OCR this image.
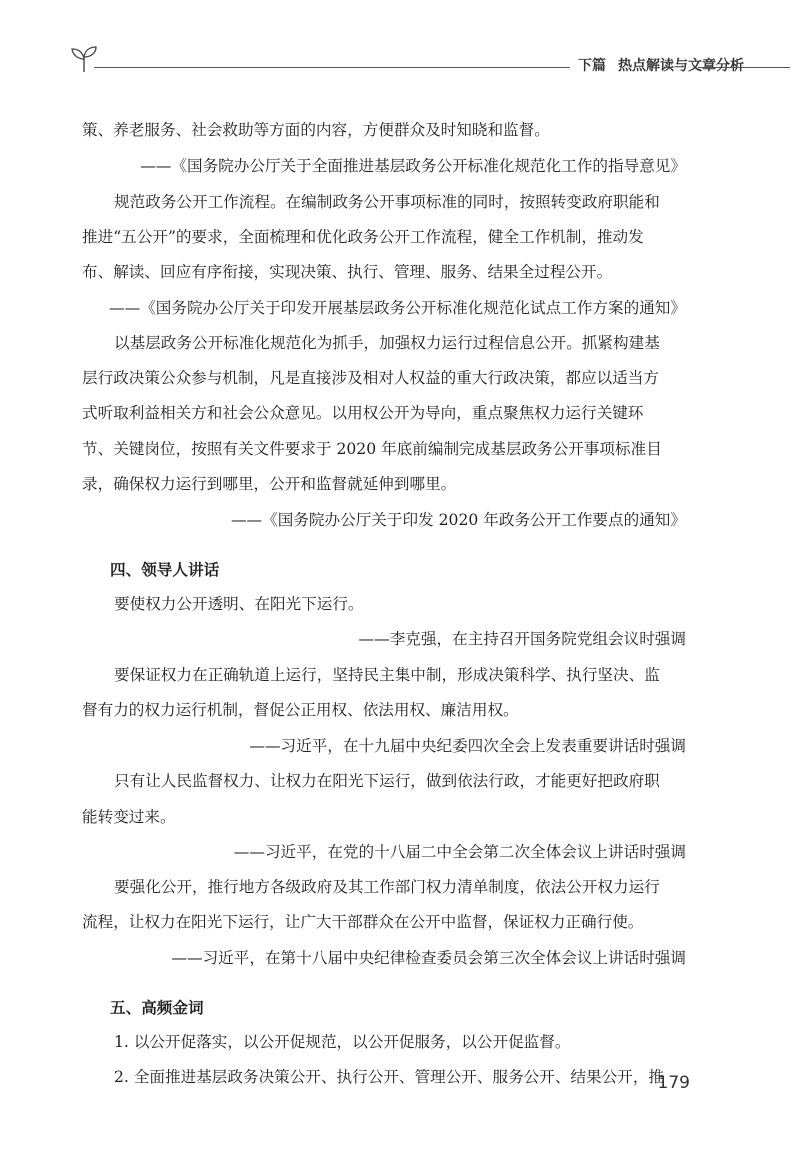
下篇 热点解读与文章分析
策、养老服务、社会救助等方面的内容，方便群众及时知晓和监督。
——《国务院办公厅关于全面推进基层政务公开标准化规范化工作的指导意见》
规范政务公开工作流程。在编制政务公开事项标准的同时，按照转变政府职能和
推进“五公开”的要求，全面梳理和优化政务公开工作流程，健全工作机制，推动发
布、解读、回应有序衔接，实现决策、执行、管理、服务、结果全过程公开。
——《国务院办公厅关于印发开展基层政务公开标准化规范化试点工作方案的通知》
以基层政务公开标准化规范化为抓手，加强权力运行过程信息公开。抓紧构建基
层行政决策公众参与机制，凡是直接涉及相对人权益的重大行政决策，都应以适当方
式听取利益相关方和社会公众意见。以用权公开为导向，重点聚焦权力运行关键环
节、关键岗位，按照有关文件要求于 2020 年底前编制完成基层政务公开事项标准目
录，确保权力运行到哪里，公开和监督就延伸到哪里。
——《国务院办公厅关于印发 2020 年政务公开工作要点的通知》
四、领导人讲话
要使权力公开透明、在阳光下运行。
——李克强，在主持召开国务院党组会议时强调
要保证权力在正确轨道上运行，坚持民主集中制，形成决策科学、执行坚决、监
督有力的权力运行机制，督促公正用权、依法用权、廉洁用权。
——习近平，在十九届中央纪委四次全会上发表重要讲话时强调
只有让人民监督权力、让权力在阳光下运行，做到依法行政，才能更好把政府职
能转变过来。
——习近平，在党的十八届二中全会第二次全体会议上讲话时强调
要强化公开，推行地方各级政府及其工作部门权力清单制度，依法公开权力运行
流程，让权力在阳光下运行，让广大干部群众在公开中监督，保证权力正确行使。
——习近平，在第十八届中央纪律检查委员会第三次全体会议上讲话时强调
五、高频金词
1. 以公开促落实，以公开促规范，以公开促服务，以公开促监督。
2. 全面推进基层政务决策公开、执行公开、管理公开、服务公开、结果公开，推
179
